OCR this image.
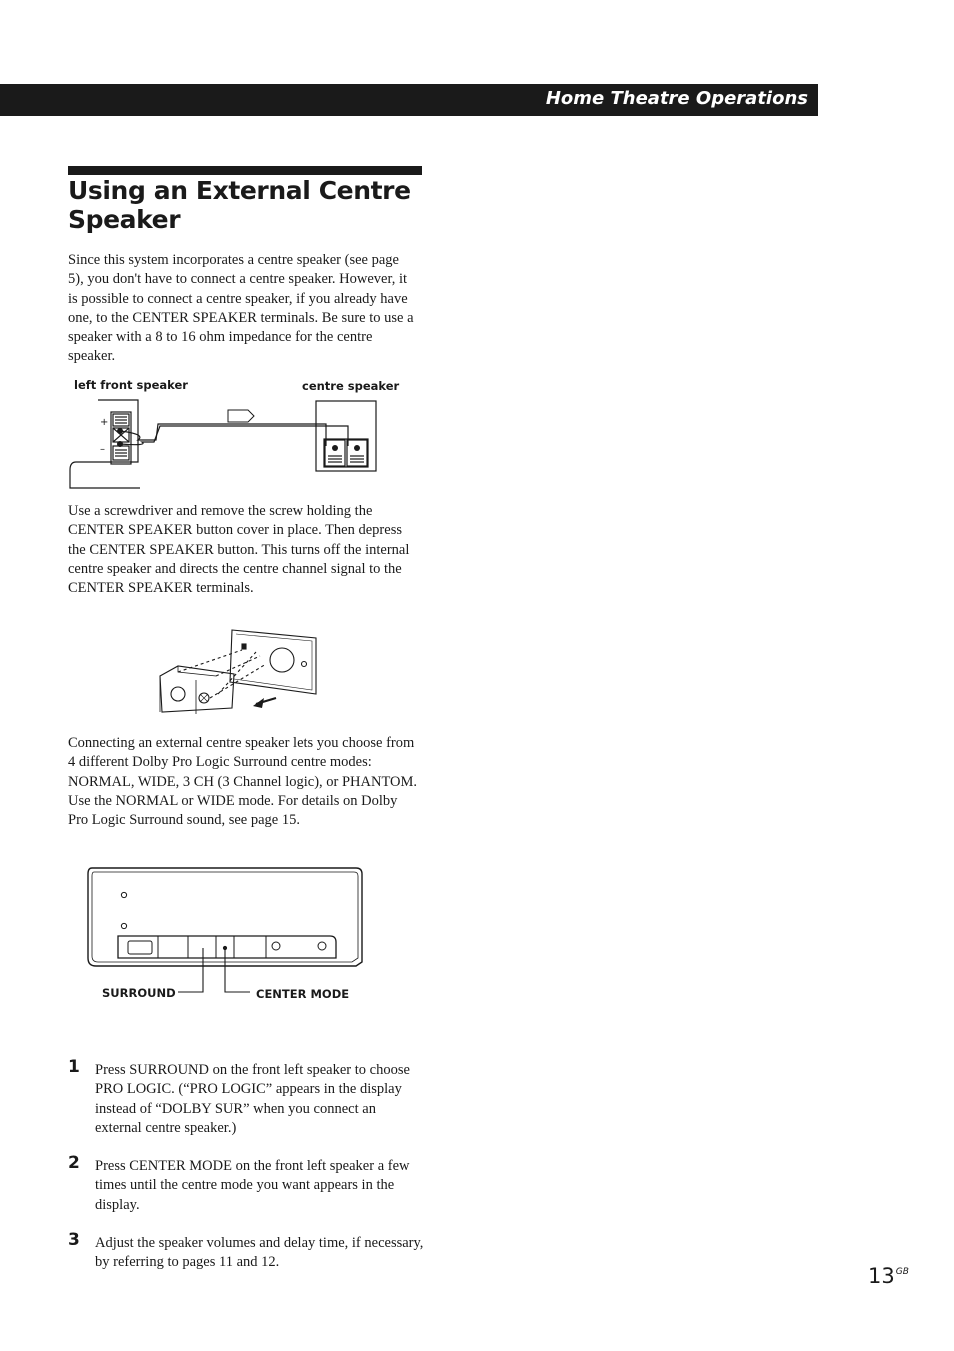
Home Theatre Operations
Using an External Centre Speaker

Since this system incorporates a centre speaker (see page 5), you don't have to connect a centre speaker. However, it is possible to connect a centre speaker, if you already have one, to the CENTER SPEAKER terminals. Be sure to use a speaker with a 8 to 16 ohm impedance for the centre speaker.

left front speaker	centre speaker
+
–

Use a screwdriver and remove the screw holding the CENTER SPEAKER button cover in place. Then depress the CENTER SPEAKER button. This turns off the internal centre speaker and directs the centre channel signal to the CENTER SPEAKER terminals.

Connecting an external centre speaker lets you choose from 4 different Dolby Pro Logic Surround centre modes: NORMAL, WIDE, 3 CH (3 Channel logic), or PHANTOM. Use the NORMAL or WIDE mode. For details on Dolby Pro Logic Surround sound, see page 15.

SURROUND	CENTER MODE
1 Press SURROUND on the front left speaker to choose PRO LOGIC. (“PRO LOGIC” appears in the display instead of “DOLBY SUR” when you connect an external centre speaker.)

2 Press CENTER MODE on the front left speaker a few times until the centre mode you want appears in the display.

3 Adjust the speaker volumes and delay time, if necessary, by referring to pages 11 and 12.

$13^{GB}$
